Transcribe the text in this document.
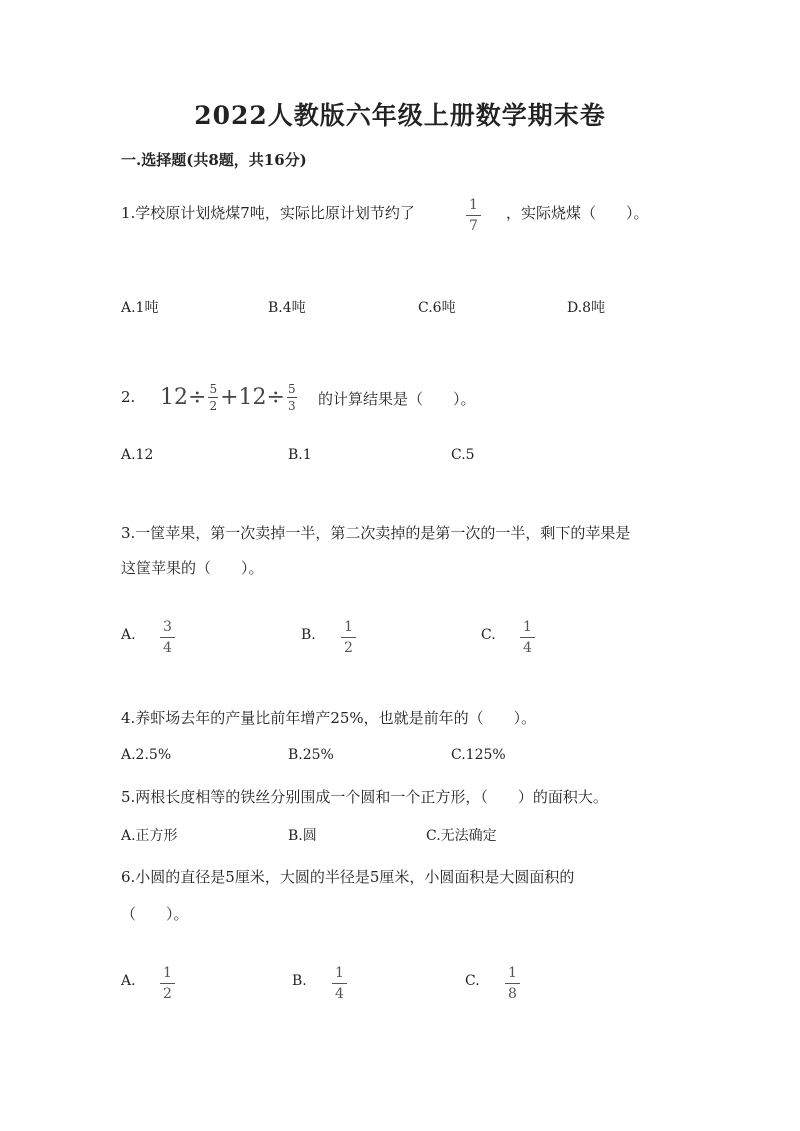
2022人教版六年级上册数学期末卷
一.选择题(共8题，共16分)
1.学校原计划烧煤7吨，实际比原计划节约了	1
7
，实际烧煤（　　）。
A.1吨	B.4吨	C.6吨	D.8吨
2. 12 ÷ 5
2 + 12 ÷ 5
3 的计算结果是（　　）。
A.12	B.1	C.5
3.一筐苹果，第一次卖掉一半，第二次卖掉的是第一次的一半，剩下的苹果是
这筐苹果的（　　）。
A. 3
4
B. 1
2
C. 1
4
4.养虾场去年的产量比前年增产25%，也就是前年的（　　）。
A.2.5%	B.25%	C.125%
5.两根长度相等的铁丝分别围成一个圆和一个正方形，（　　）的面积大。
A.正方形	B.圆	C.无法确定
6.小圆的直径是5厘米，大圆的半径是5厘米，小圆面积是大圆面积的
（　　）。
A. 1
2
B. 1
4
C. 1
8
